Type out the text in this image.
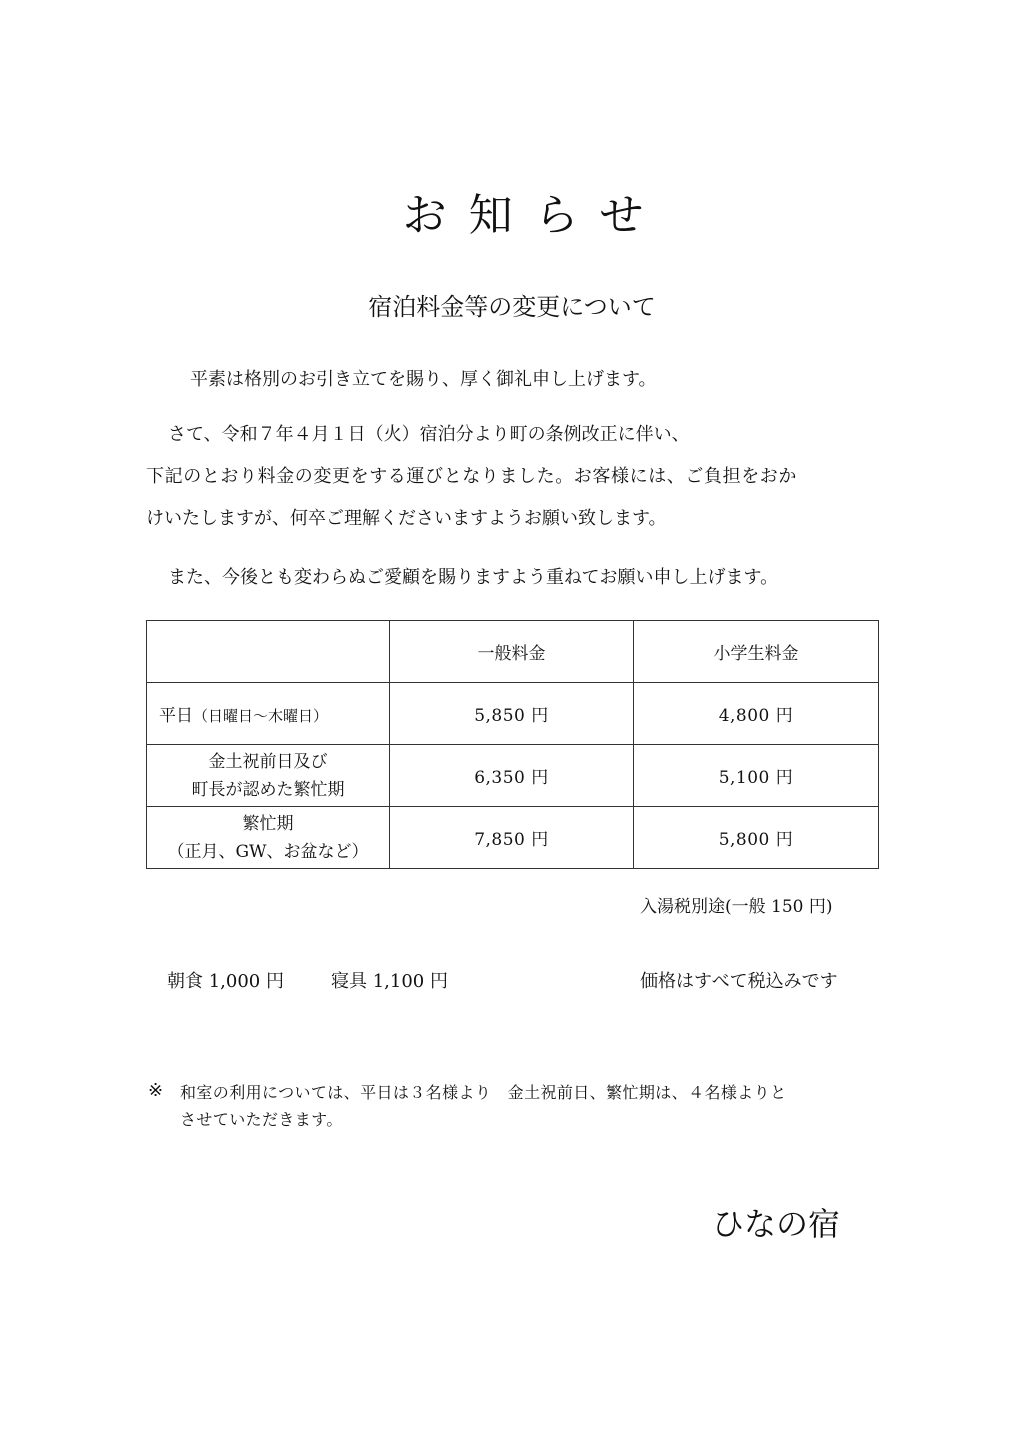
お知らせ
宿泊料金等の変更について
平素は格別のお引き立てを賜り、厚く御礼申し上げます。
さて、令和７年４月１日（火）宿泊分より町の条例改正に伴い、
下記のとおり料金の変更をする運びとなりました。お客様には、ご負担をおか
けいたしますが、何卒ご理解くださいますようお願い致します。
また、今後とも変わらぬご愛顧を賜りますよう重ねてお願い申し上げます。
	一般料金	小学生料金
平日（日曜日～木曜日）	5,850 円	4,800 円

金土祝前日及び
町長が認めた繁忙期	6,350 円	5,100 円

繁忙期
（正月、GW、お盆など）	7,850 円	5,800 円
入湯税別途(一般 150 円)
朝食 1,000 円	寝具 1,100 円	価格はすべて税込みです
※ 和室の利用については、平日は３名様より　金土祝前日、繁忙期は、４名様よりと
させていただきます。
ひなの宿
